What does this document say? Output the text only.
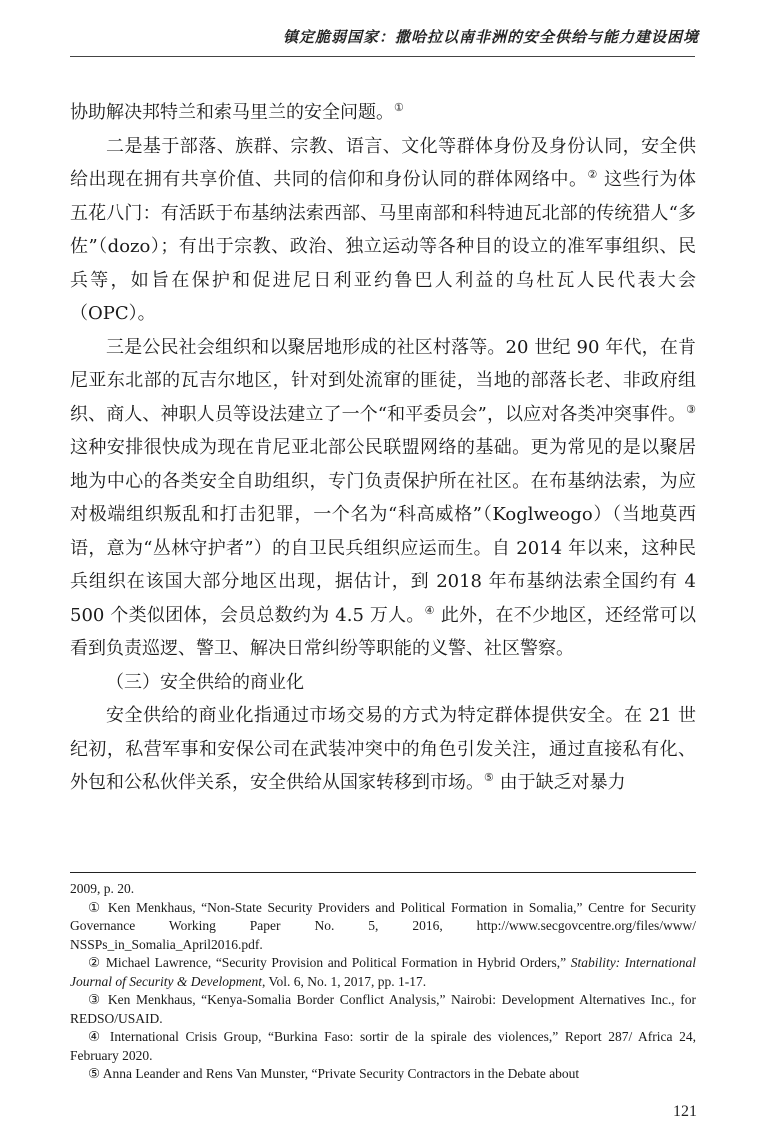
镇定脆弱国家：撒哈拉以南非洲的安全供给与能力建设困境

协助解决邦特兰和索马里兰的安全问题。①

二是基于部落、族群、宗教、语言、文化等群体身份及身份认同，安全供给出现在拥有共享价值、共同的信仰和身份认同的群体网络中。② 这些行为体五花八门：有活跃于布基纳法索西部、马里南部和科特迪瓦北部的传统猎人“多佐”（dozo）；有出于宗教、政治、独立运动等各种目的设立的准军事组织、民兵等，如旨在保护和促进尼日利亚约鲁巴人利益的乌杜瓦人民代表大会（OPC）。

三是公民社会组织和以聚居地形成的社区村落等。20 世纪 90 年代，在肯尼亚东北部的瓦吉尔地区，针对到处流窜的匪徒，当地的部落长老、非政府组织、商人、神职人员等设法建立了一个“和平委员会”，以应对各类冲突事件。③ 这种安排很快成为现在肯尼亚北部公民联盟网络的基础。更为常见的是以聚居地为中心的各类安全自助组织，专门负责保护所在社区。在布基纳法索，为应对极端组织叛乱和打击犯罪，一个名为“科高威格”（Koglweogo）（当地莫西语，意为“丛林守护者”）的自卫民兵组织应运而生。自 2014 年以来，这种民兵组织在该国大部分地区出现，据估计，到 2018 年布基纳法索全国约有 4 500 个类似团体，会员总数约为 4.5 万人。④ 此外，在不少地区，还经常可以看到负责巡逻、警卫、解决日常纠纷等职能的义警、社区警察。

（三）安全供给的商业化

安全供给的商业化指通过市场交易的方式为特定群体提供安全。在 21 世纪初，私营军事和安保公司在武装冲突中的角色引发关注，通过直接私有化、外包和公私伙伴关系，安全供给从国家转移到市场。⑤ 由于缺乏对暴力

2009, p. 20.

① Ken Menkhaus, “Non-State Security Providers and Political Formation in Somalia,” Centre for Security Governance Working Paper No. 5, 2016, http://www.secgovcentre.org/files/www/ NSSPs_in_Somalia_April2016.pdf.

② Michael Lawrence, “Security Provision and Political Formation in Hybrid Orders,” Stability: International Journal of Security & Development, Vol. 6, No. 1, 2017, pp. 1-17.

③ Ken Menkhaus, “Kenya-Somalia Border Conflict Analysis,” Nairobi: Development Alternatives Inc., for REDSO/USAID.

④ International Crisis Group, “Burkina Faso: sortir de la spirale des violences,” Report 287/ Africa 24, February 2020.

⑤ Anna Leander and Rens Van Munster, “Private Security Contractors in the Debate about

121
